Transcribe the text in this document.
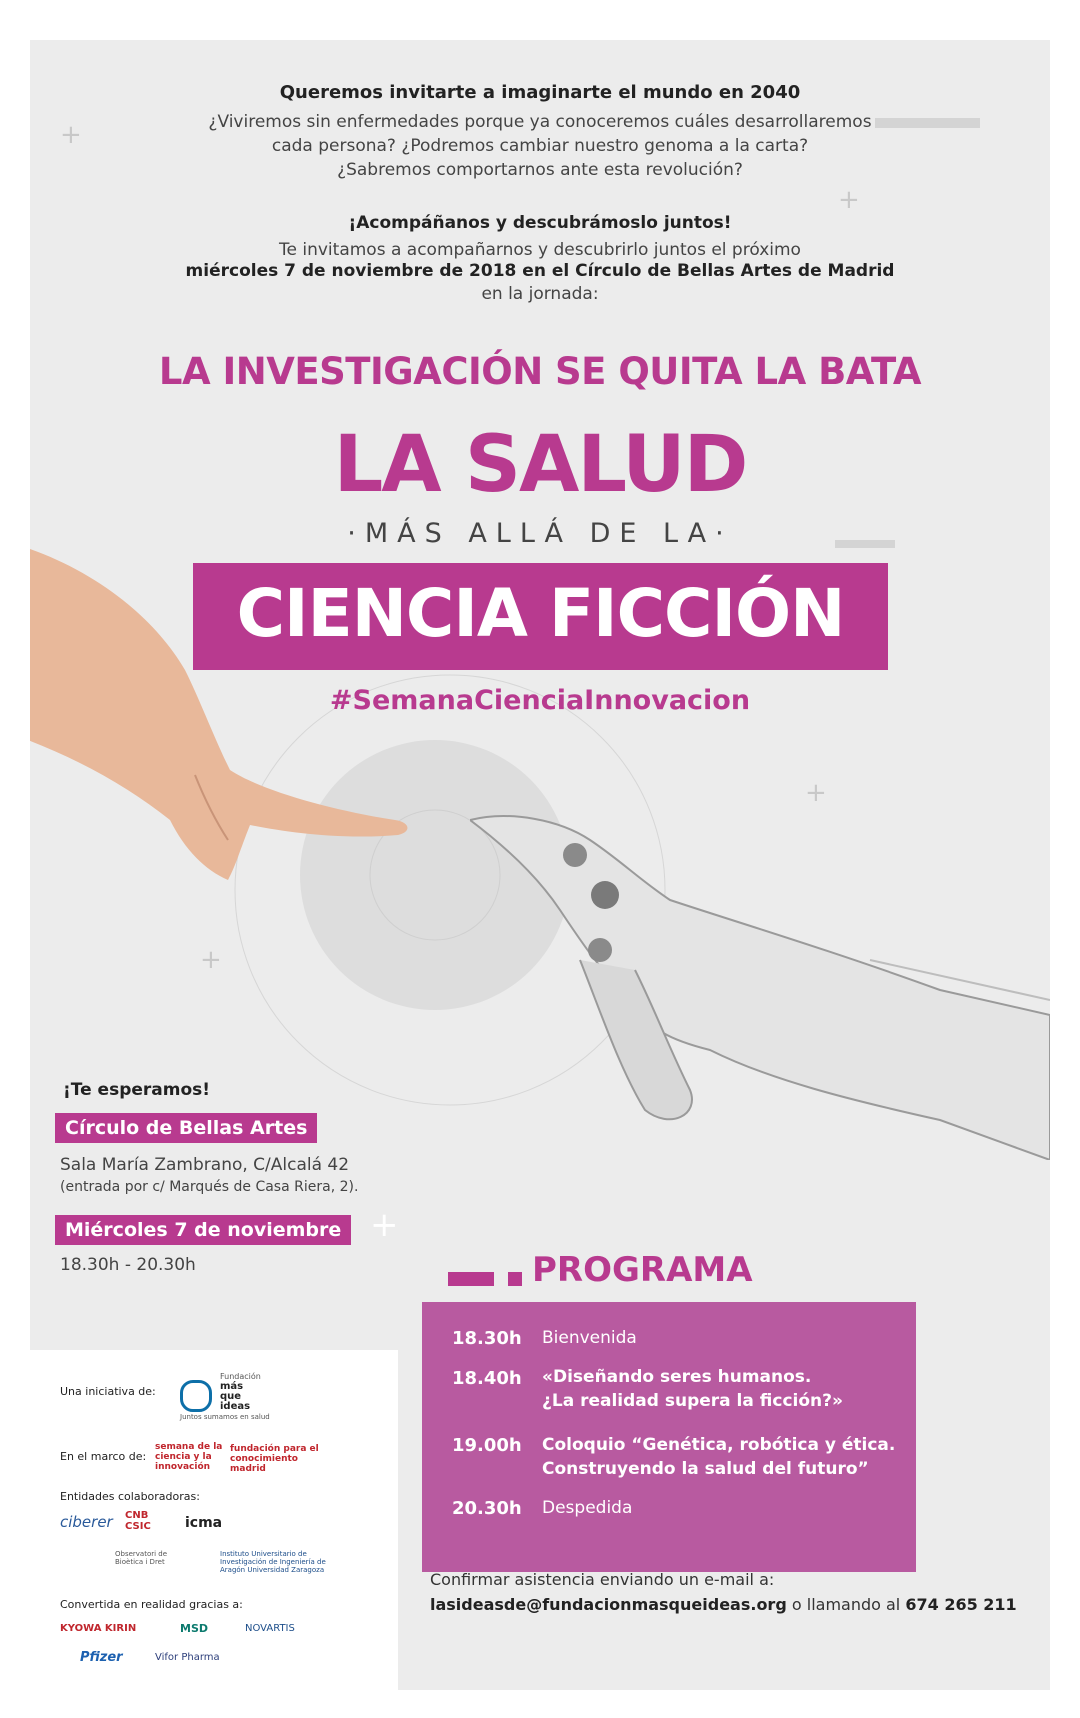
+
+
+
+
+
Queremos invitarte a imaginarte el mundo en 2040
¿Viviremos sin enfermedades porque ya conoceremos cuáles desarrollaremos
cada persona? ¿Podremos cambiar nuestro genoma a la carta?
¿Sabremos comportarnos ante esta revolución?
¡Acompáñanos y descubrámoslo juntos!
Te invitamos a acompañarnos y descubrirlo juntos el próximo
miércoles 7 de noviembre de 2018 en el Círculo de Bellas Artes de Madrid
en la jornada:
LA INVESTIGACIÓN SE QUITA LA BATA
LA SALUD
·MÁS ALLÁ DE LA·
CIENCIA FICCIÓN
#SemanaCienciaInnovacion
¡Te esperamos!
Círculo de Bellas Artes
Sala María Zambrano, C/Alcalá 42
(entrada por c/ Marqués de Casa Riera, 2).
Miércoles 7 de noviembre
18.30h - 20.30h	PROGRAMA
18.30h Bienvenida
18.40h «Diseñando seres humanos.
¿La realidad supera la ficción?»
19.00h Coloquio “Genética, robótica y ética.
Construyendo la salud del futuro”
20.30h Despedida
Confirmar asistencia enviando un e-mail a:
lasideasde@fundacionmasqueideas.org o llamando al 674 265 211
Una iniciativa de:
Fundación
más
que
ideas
Juntos sumamos en salud
En el marco de:
semana de la ciencia y la innovación
fundación para el conocimiento madrid
Entidades colaboradoras:
ciberer CNB CSIC	icma
Observatori de Bioètica i Dret
Instituto Universitario de Investigación de Ingeniería de Aragón Universidad Zaragoza
Convertida en realidad gracias a:
KYOWA KIRIN	MSD	NOVARTIS
Pfizer	Vifor Pharma
